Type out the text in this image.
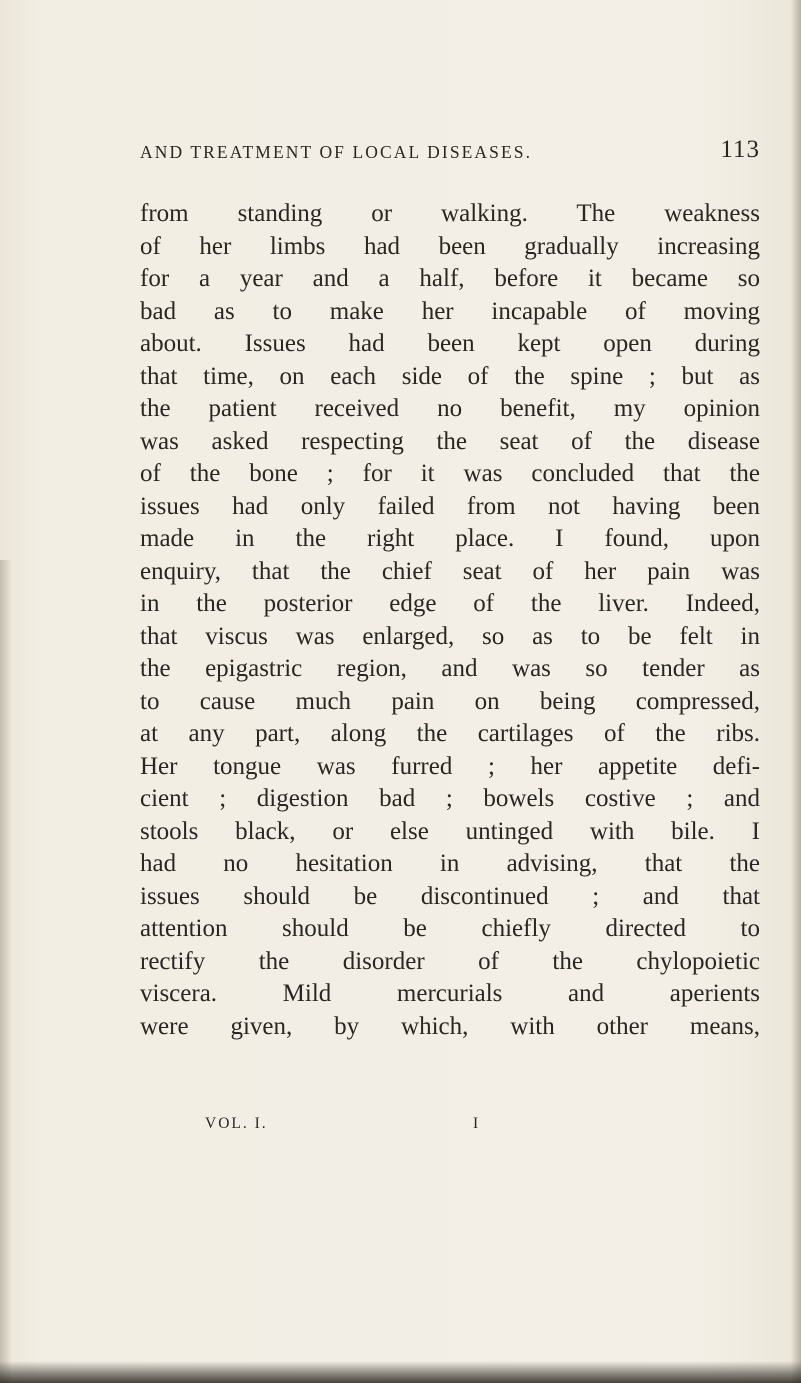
AND TREATMENT OF LOCAL DISEASES.	113
from standing or walking. The weakness
of her limbs had been gradually increasing
for a year and a half, before it became so
bad as to make her incapable of moving
about. Issues had been kept open during
that time, on each side of the spine ; but as
the patient received no benefit, my opinion
was asked respecting the seat of the disease
of the bone ; for it was concluded that the
issues had only failed from not having been
made in the right place. I found, upon
enquiry, that the chief seat of her pain was
in the posterior edge of the liver. Indeed,
that viscus was enlarged, so as to be felt in
the epigastric region, and was so tender as
to cause much pain on being compressed,
at any part, along the cartilages of the ribs.
Her tongue was furred ; her appetite defi-
cient ; digestion bad ; bowels costive ; and
stools black, or else untinged with bile. I
had no hesitation in advising, that the
issues should be discontinued ; and that
attention should be chiefly directed to
rectify the disorder of the chylopoietic
viscera. Mild mercurials and aperients
were given, by which, with other means,
VOL. I.	I
